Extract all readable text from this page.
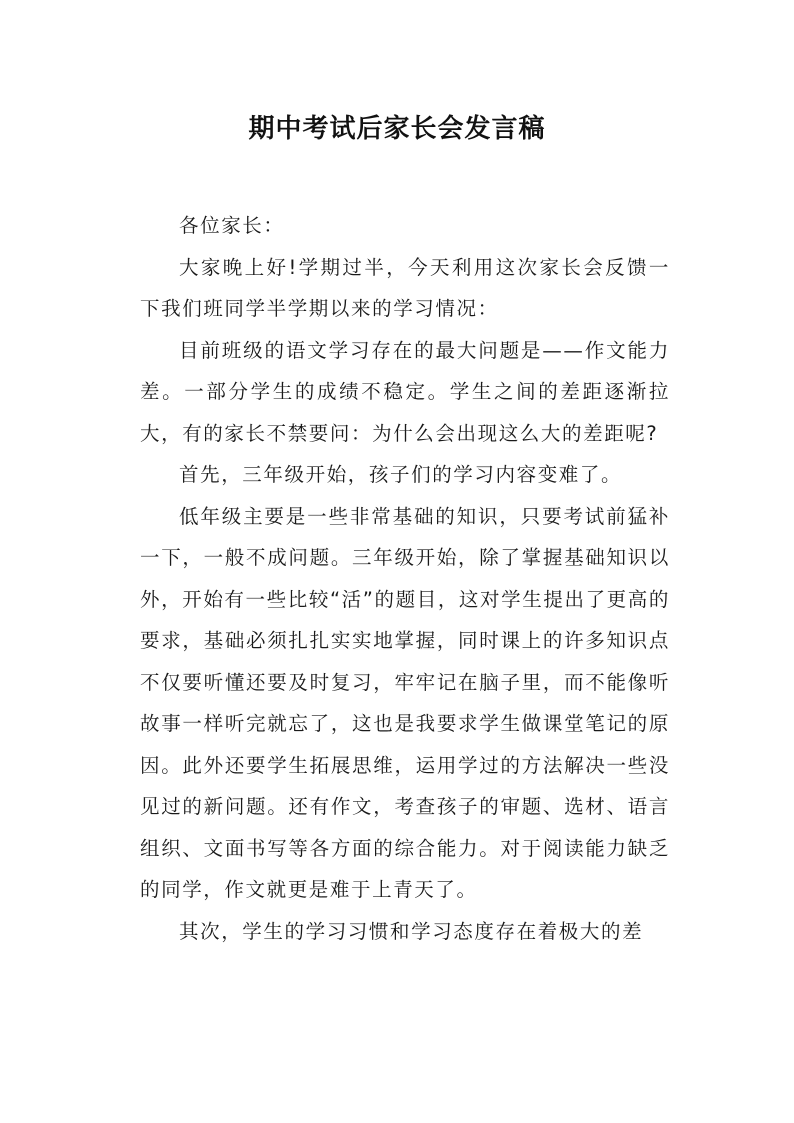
期中考试后家长会发言稿

各位家长：

大家晚上好!学期过半，今天利用这次家长会反馈一下我们班同学半学期以来的学习情况：

目前班级的语文学习存在的最大问题是——作文能力差。一部分学生的成绩不稳定。学生之间的差距逐渐拉大，有的家长不禁要问：为什么会出现这么大的差距呢?

首先，三年级开始，孩子们的学习内容变难了。

低年级主要是一些非常基础的知识，只要考试前猛补一下，一般不成问题。三年级开始，除了掌握基础知识以外，开始有一些比较“活”的题目，这对学生提出了更高的要求，基础必须扎扎实实地掌握，同时课上的许多知识点不仅要听懂还要及时复习，牢牢记在脑子里，而不能像听故事一样听完就忘了，这也是我要求学生做课堂笔记的原因。此外还要学生拓展思维，运用学过的方法解决一些没见过的新问题。还有作文，考查孩子的审题、选材、语言组织、文面书写等各方面的综合能力。对于阅读能力缺乏的同学，作文就更是难于上青天了。

其次，学生的学习习惯和学习态度存在着极大的差
